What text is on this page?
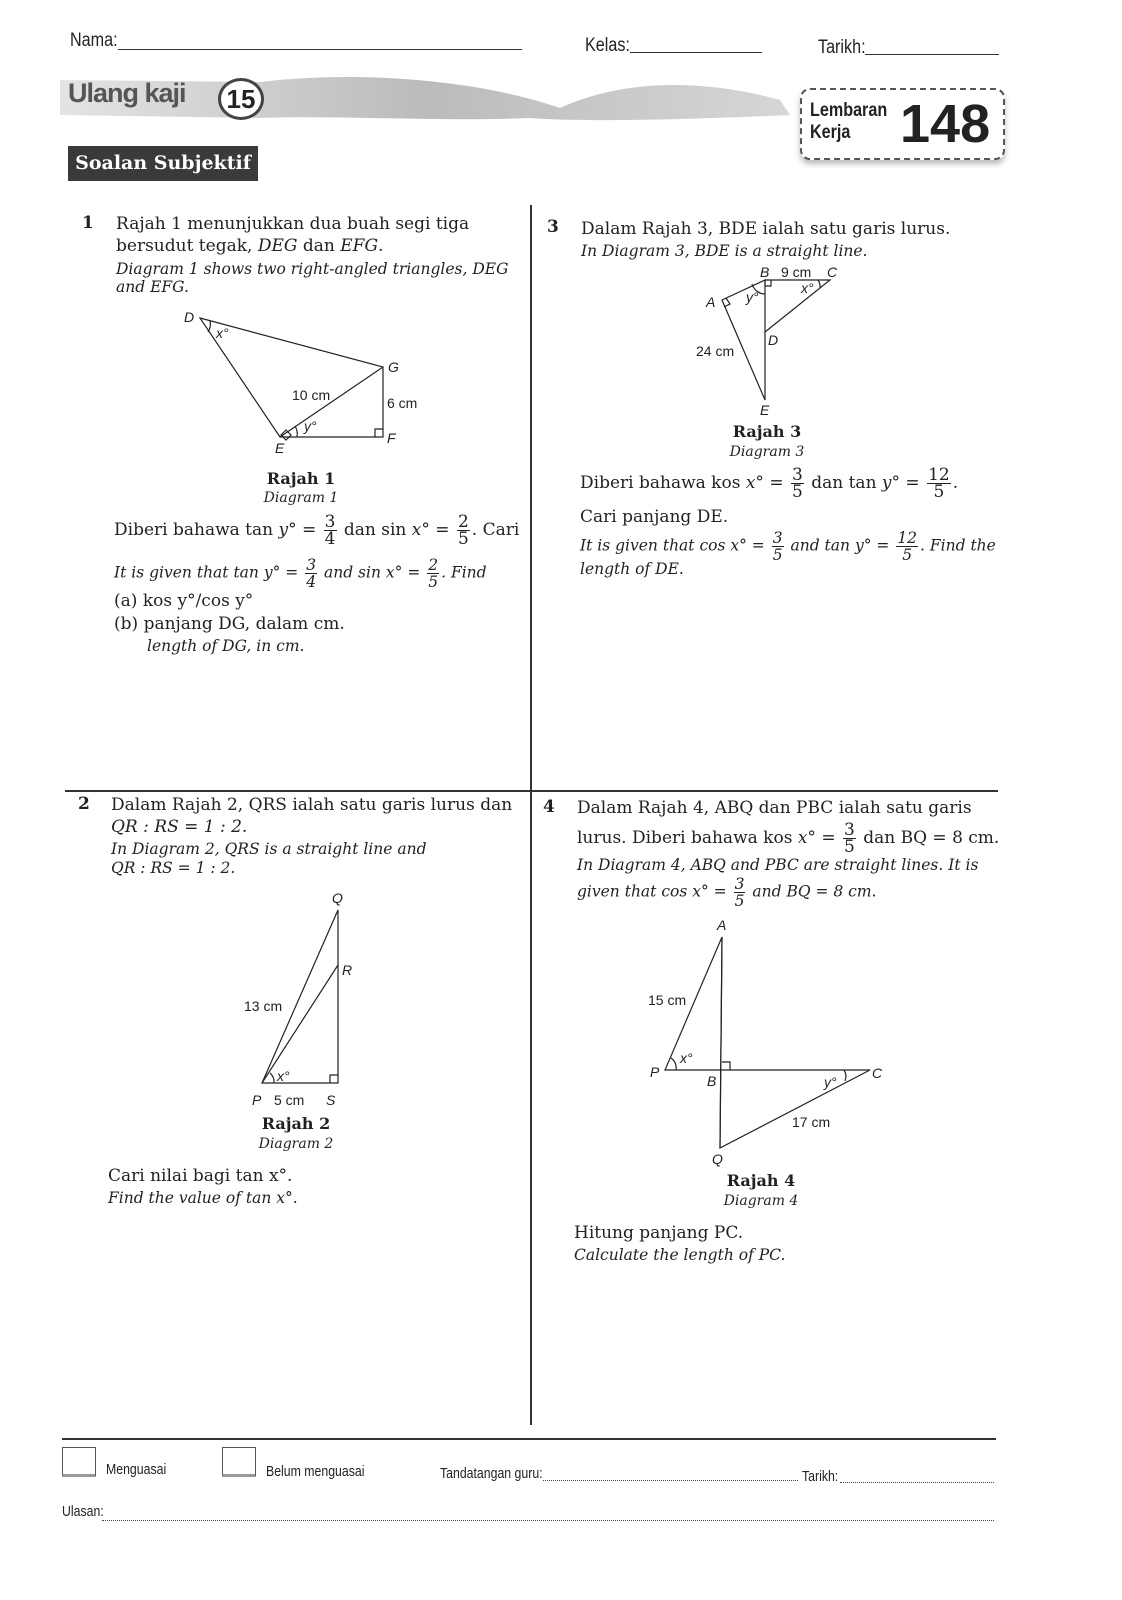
Nama:	Kelas:	Tarikh:
Ulang kaji	15	Lembaran
Kerja 148
Soalan Subjektif
1 Rajah 1 menunjukkan dua buah segi tiga
bersudut tegak, DEG dan EFG.
Diagram 1 shows two right-angled triangles, DEG
and EFG.
D
x°
G
10 cm	6 cm
y°
E
F
Rajah 1
Diagram 1
Diberi bahawa $\tan y^\circ = \frac{3}{4}$ dan $\sin x^\circ = \frac{2}{5}$ . Cari
It is given that $\tan y^\circ = \frac{3}{4}$ and $\sin x^\circ = \frac{2}{5}$ . Find
(a) kos y°/cos y°
(b) panjang DG, dalam cm.
length of DG, in cm.
3 Dalam Rajah 3, BDE ialah satu garis lurus.
In Diagram 3, BDE is a straight line.
B 9 cm C
A y°
x°
D
24 cm
E
Rajah 3
Diagram 3
Diberi bahawa kos $x^\circ = \frac{3}{5}$ dan $\tan y^\circ = \frac{12}{5}$ .
Cari panjang DE.
It is given that $\cos x^\circ = \frac{3}{5}$ and $\tan y^\circ = \frac{12}{5}$ . Find the
length of DE.
2 Dalam Rajah 2, QRS ialah satu garis lurus dan
QR : RS = 1 : 2.
In Diagram 2, QRS is a straight line and
QR : RS = 1 : 2.
Q
R
13 cm
x°
P 5 cm S
Rajah 2
Diagram 2
Cari nilai bagi tan x°.
Find the value of tan x°.
4 Dalam Rajah 4, ABQ dan PBC ialah satu garis
lurus. Diberi bahawa kos $x^\circ = \frac{3}{5}$ dan BQ = 8 cm.
In Diagram 4, ABQ and PBC are straight lines. It is
given that $\cos x^\circ = \frac{3}{5}$ and BQ = 8 cm.
A
15 cm
P
x°
B	y°
C
17 cm
Q
Rajah 4
Diagram 4
Hitung panjang PC.
Calculate the length of PC.
Menguasai	Belum menguasai	Tandatangan guru:	Tarikh:
Ulasan:
